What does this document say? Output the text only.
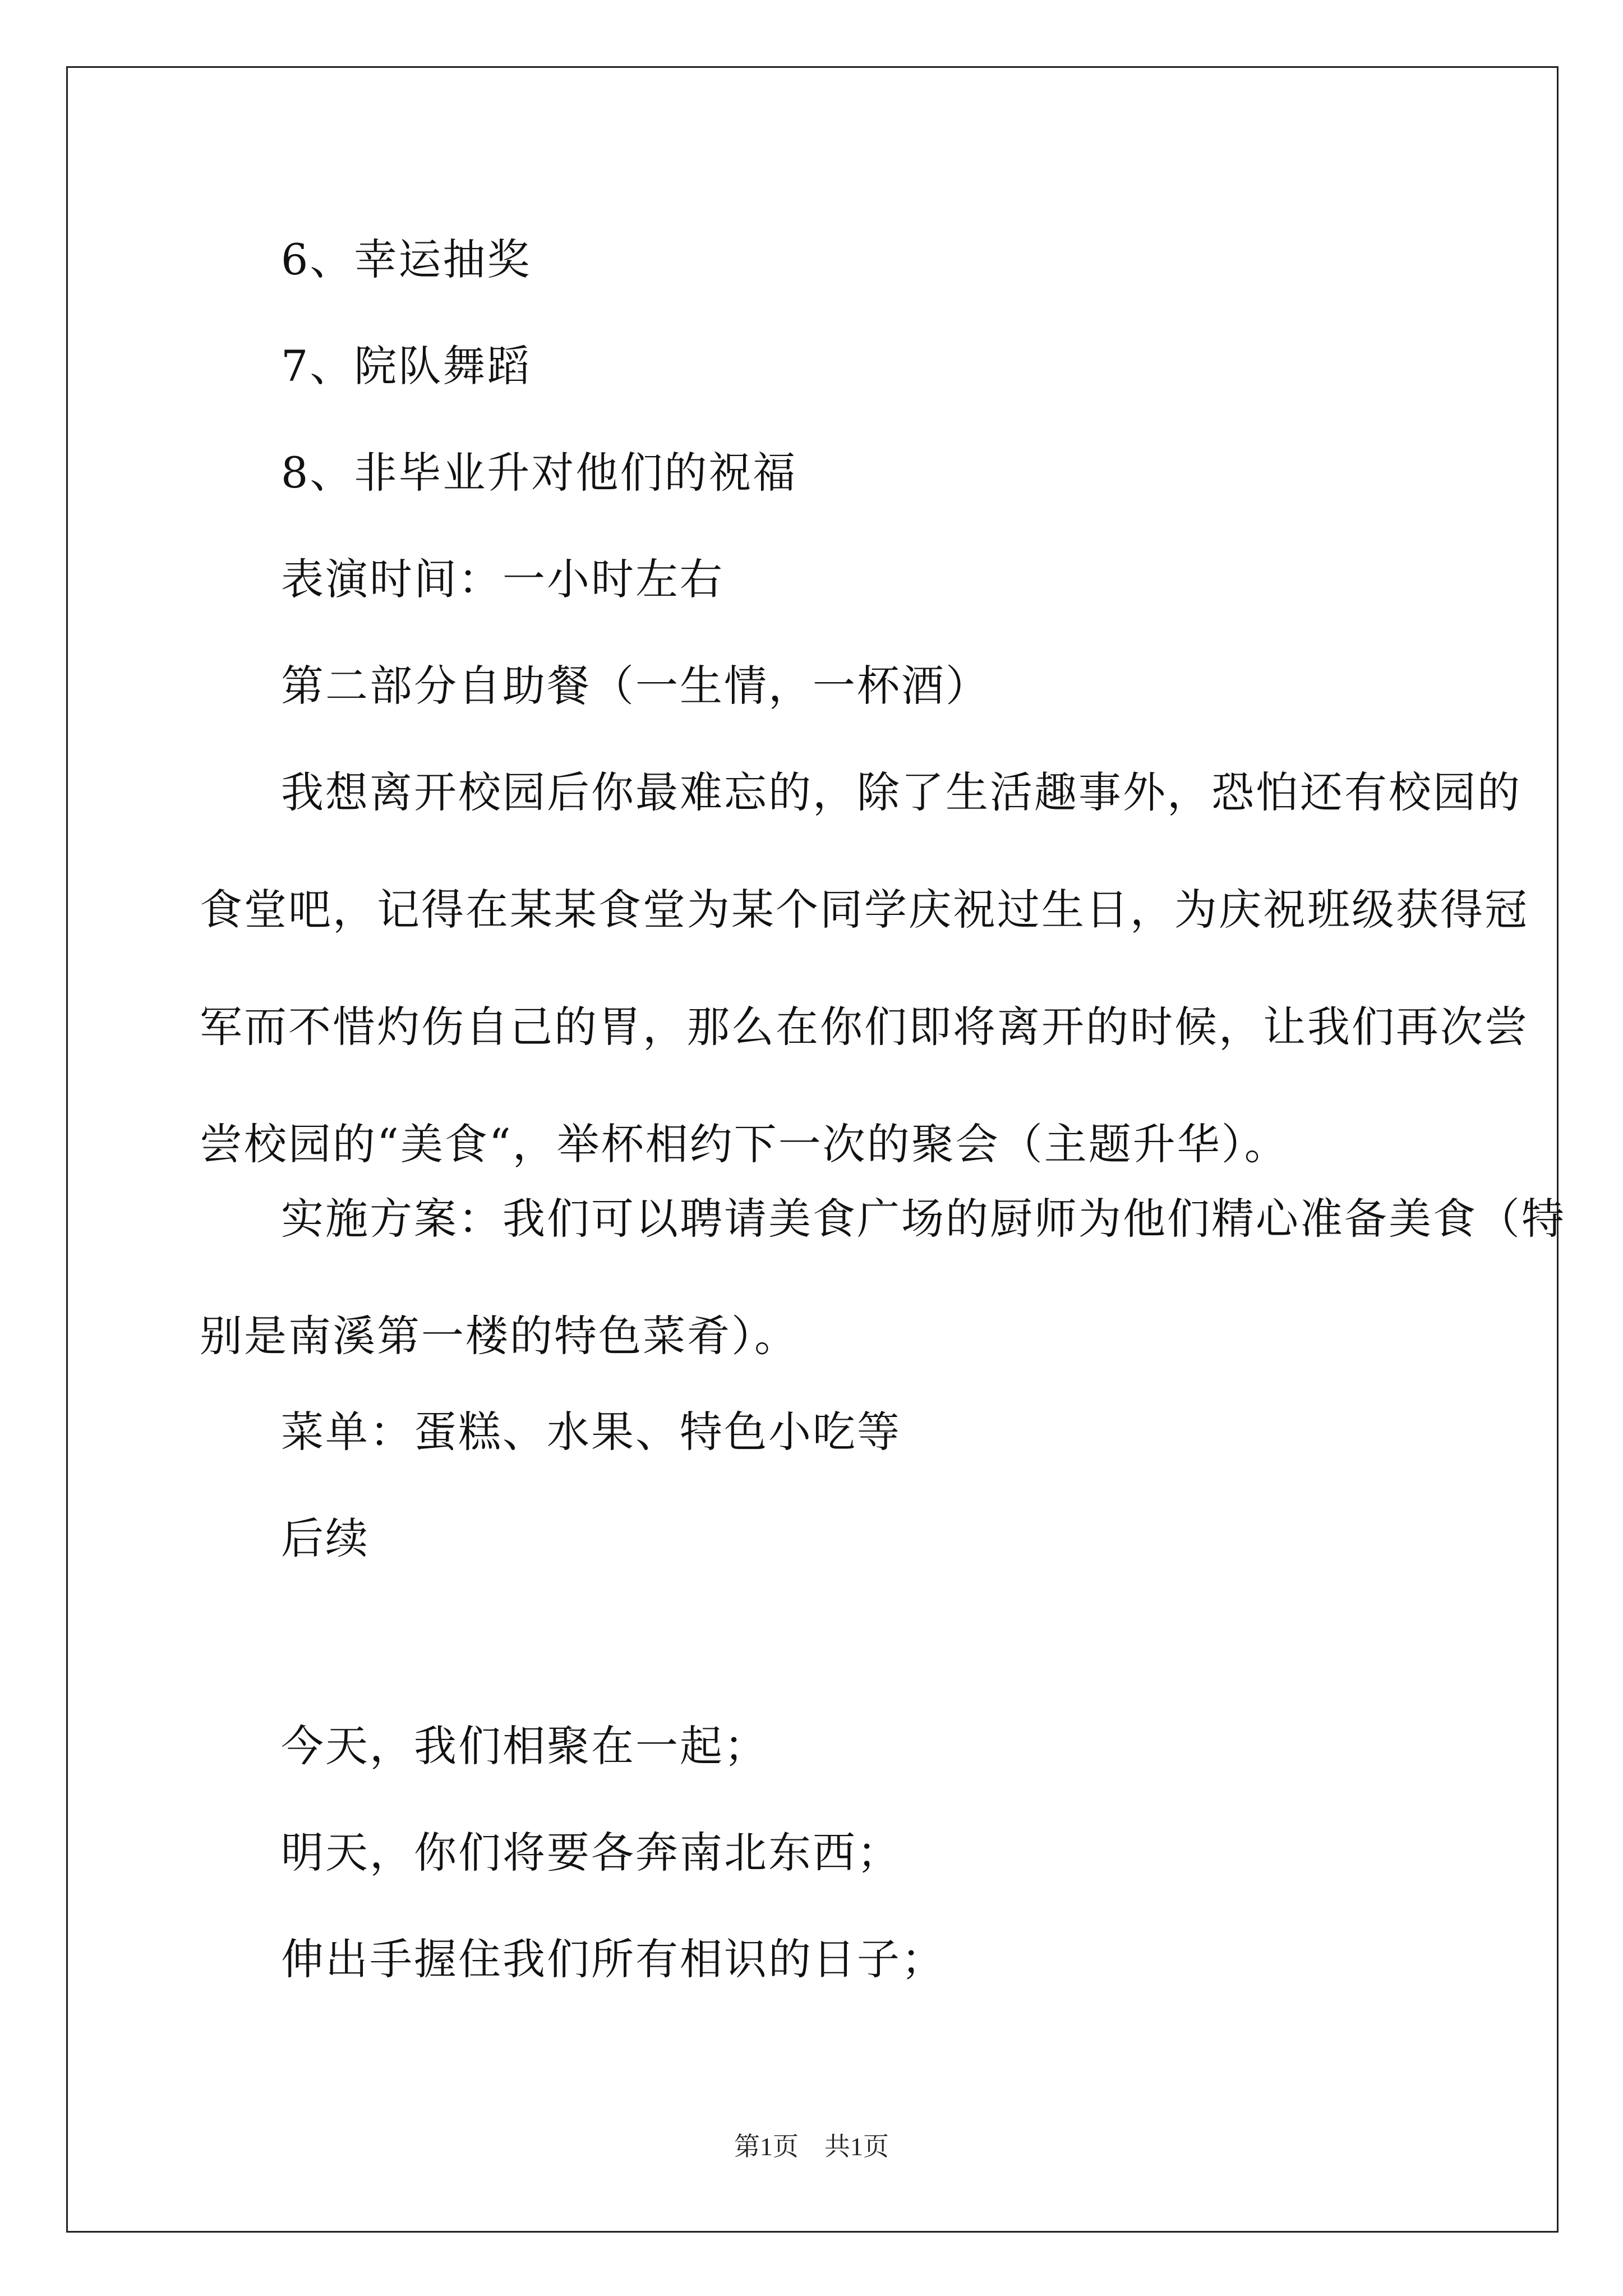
6、幸运抽奖
7、院队舞蹈
8、非毕业升对他们的祝福
表演时间：一小时左右
第二部分自助餐（一生情，一杯酒）
我想离开校园后你最难忘的，除了生活趣事外，恐怕还有校园的
食堂吧，记得在某某食堂为某个同学庆祝过生日，为庆祝班级获得冠
军而不惜灼伤自己的胃，那么在你们即将离开的时候，让我们再次尝
尝校园的“美食“，举杯相约下一次的聚会（主题升华）。
实施方案：我们可以聘请美食广场的厨师为他们精心准备美食（特
别是南溪第一楼的特色菜肴）。
菜单：蛋糕、水果、特色小吃等
后续
今天，我们相聚在一起；
明天，你们将要各奔南北东西；
伸出手握住我们所有相识的日子；
第1页　共1页
